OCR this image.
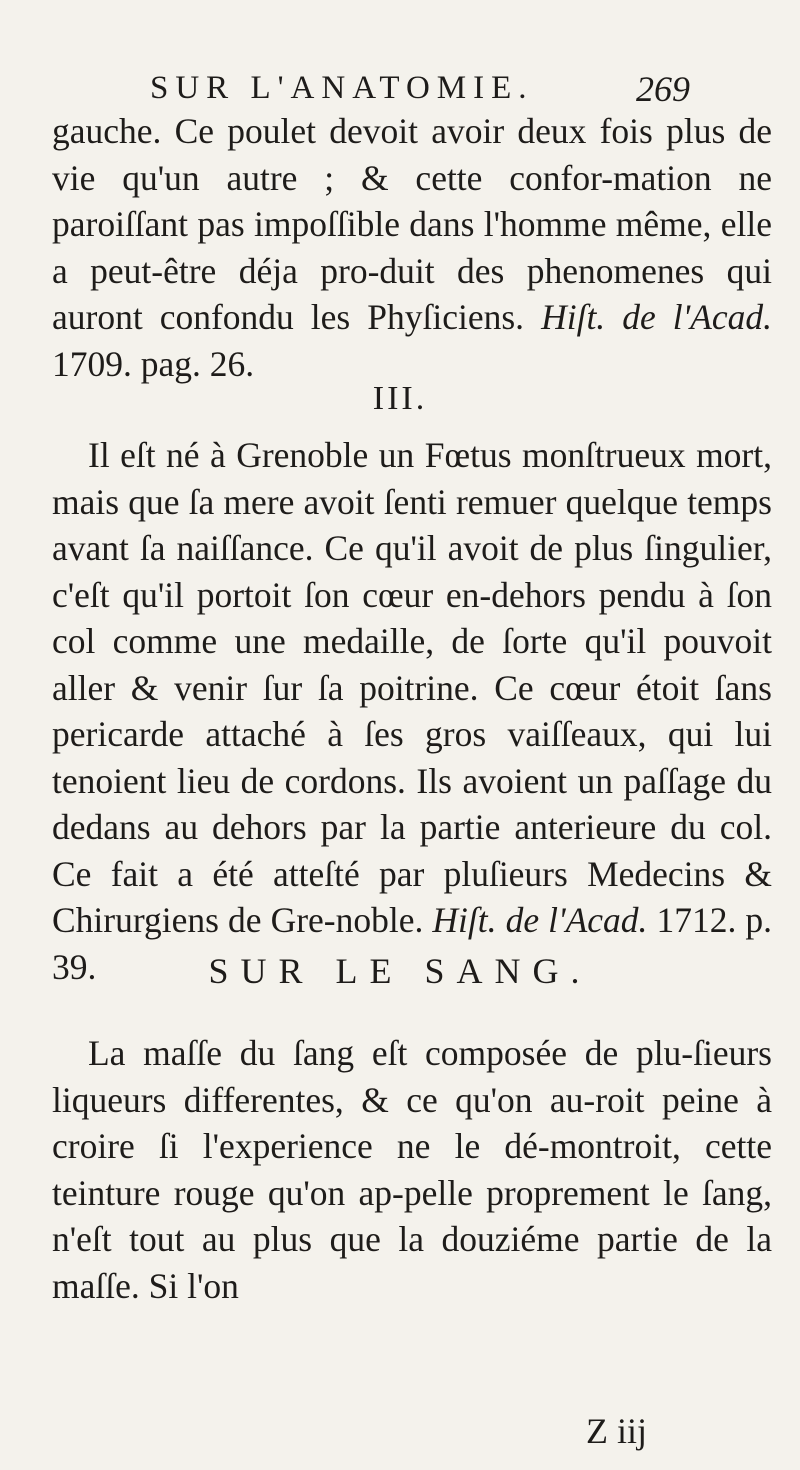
SUR L'ANATOMIE.	269

gauche. Ce poulet devoit avoir deux fois plus de vie qu'un autre ; & cette confor-mation ne paroiſſant pas impoſſible dans l'homme même, elle a peut-être déja pro-duit des phenomenes qui auront confondu les Phyſiciens. Hiſt. de l'Acad. 1709. pag. 26.

III.

Il eſt né à Grenoble un Fœtus monſtrueux mort, mais que ſa mere avoit ſenti remuer quelque temps avant ſa naiſſance. Ce qu'il avoit de plus ſingulier, c'eſt qu'il portoit ſon cœur en-dehors pendu à ſon col comme une medaille, de ſorte qu'il pouvoit aller & venir ſur ſa poitrine. Ce cœur étoit ſans pericarde attaché à ſes gros vaiſſeaux, qui lui tenoient lieu de cordons. Ils avoient un paſſage du dedans au dehors par la partie anterieure du col. Ce fait a été atteſté par pluſieurs Medecins & Chirurgiens de Gre-noble. Hiſt. de l'Acad. 1712. p. 39.	SUR LE SANG.

La maſſe du ſang eſt composée de plu-ſieurs liqueurs differentes, & ce qu'on au-roit peine à croire ſi l'experience ne le dé-montroit, cette teinture rouge qu'on ap-pelle proprement le ſang, n'eſt tout au plus que la douziéme partie de la maſſe. Si l'on

Z iij
